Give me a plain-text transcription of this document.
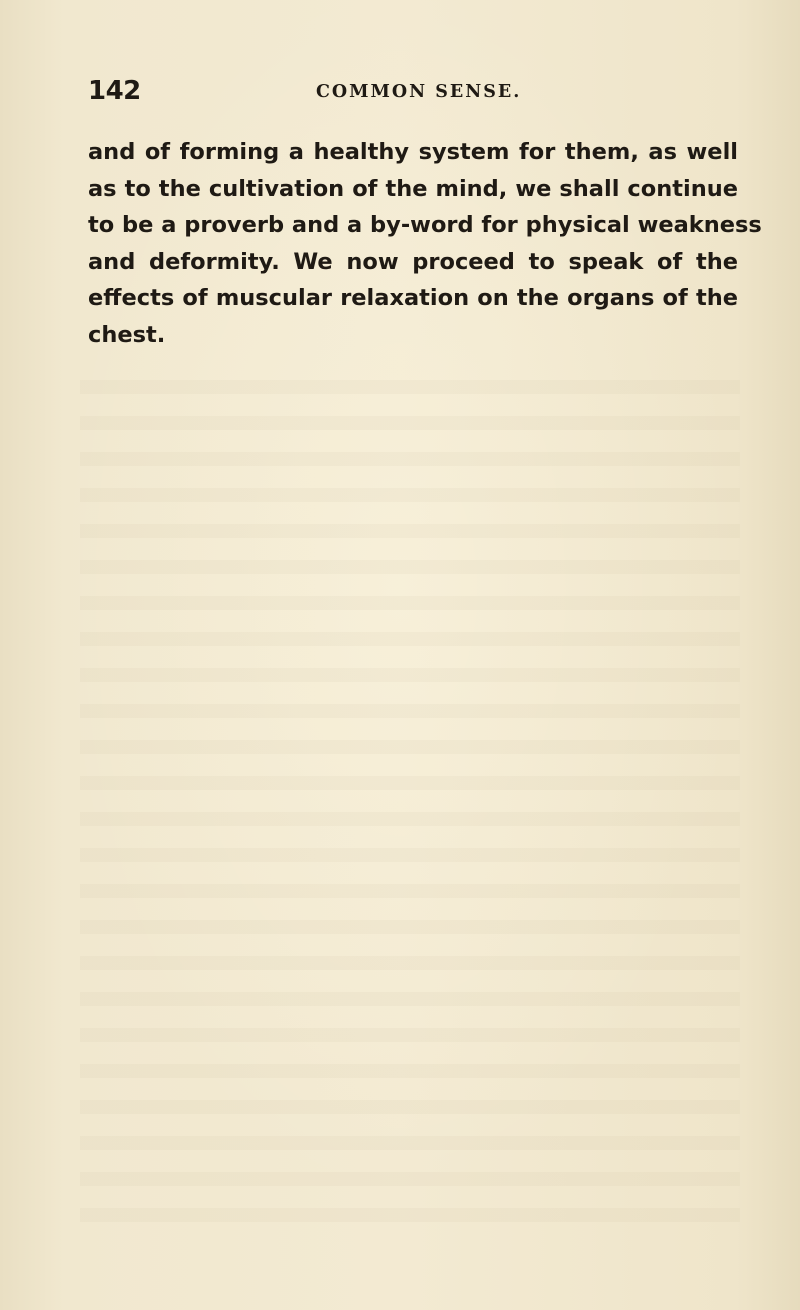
142	COMMON SENSE.

and of forming a healthy system for them, as well
as to the cultivation of the mind, we shall continue
to be a proverb and a by-word for physical weakness
and deformity. We now proceed to speak of the
effects of muscular relaxation on the organs of the
chest.
